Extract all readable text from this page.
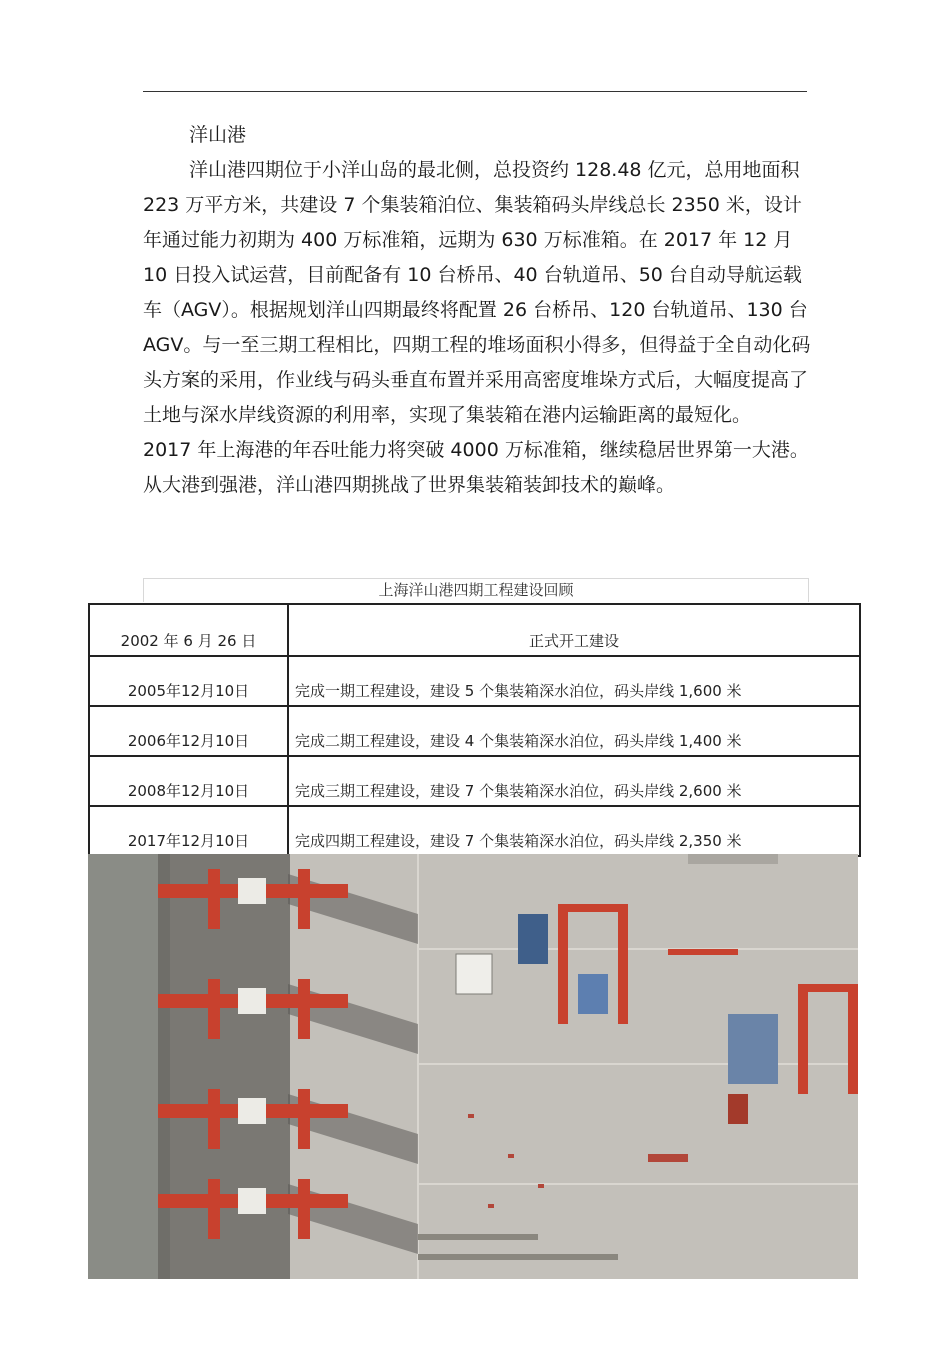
洋山港
洋山港四期位于小洋山岛的最北侧，总投资约 128.48 亿元，总用地面积 223 万平方米，共建设 7 个集装箱泊位、集装箱码头岸线总长 2350 米，设计年通过能力初期为 400 万标准箱，远期为 630 万标准箱。在 2017 年 12 月 10 日投入试运营，目前配备有 10 台桥吊、40 台轨道吊、50 台自动导航运载车（AGV）。根据规划洋山四期最终将配置 26 台桥吊、120 台轨道吊、130 台 AGV。与一至三期工程相比，四期工程的堆场面积小得多，但得益于全自动化码头方案的采用，作业线与码头垂直布置并采用高密度堆垛方式后，大幅度提高了土地与深水岸线资源的利用率，实现了集装箱在港内运输距离的最短化。
2017 年上海港的年吞吐能力将突破 4000 万标准箱，继续稳居世界第一大港。从大港到强港，洋山港四期挑战了世界集装箱装卸技术的巅峰。
上海洋山港四期工程建设回顾
2002 年 6 月 26 日	正式开工建设
2005年12月10日	完成一期工程建设，建设 5 个集装箱深水泊位，码头岸线 1,600 米
2006年12月10日	完成二期工程建设，建设 4 个集装箱深水泊位，码头岸线 1,400 米
2008年12月10日	完成三期工程建设，建设 7 个集装箱深水泊位，码头岸线 2,600 米
2017年12月10日	完成四期工程建设，建设 7 个集装箱深水泊位，码头岸线 2,350 米
